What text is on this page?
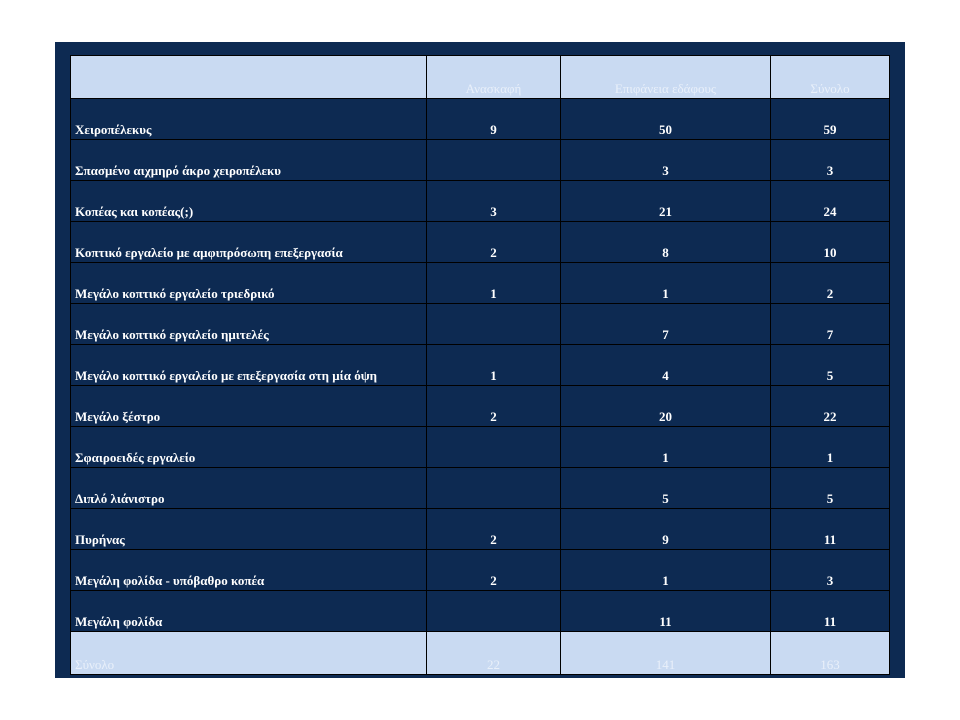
	Ανασκαφή	Επιφάνεια εδάφους	Σύνολο
Χειροπέλεκυς	9	50	59
Σπασμένο αιχμηρό άκρο χειροπέλεκυ		3	3
Κοπέας και κοπέας(;)	3	21	24
Κοπτικό εργαλείο με αμφιπρόσωπη επεξεργασία	2	8	10
Μεγάλο κοπτικό εργαλείο τριεδρικό	1	1	2
Μεγάλο κοπτικό εργαλείο ημιτελές		7	7
Μεγάλο κοπτικό εργαλείο με επεξεργασία στη μία όψη	1	4	5
Μεγάλο ξέστρο	2	20	22
Σφαιροειδές εργαλείο		1	1
Διπλό λιάνιστρο		5	5
Πυρήνας	2	9	11
Μεγάλη φολίδα - υπόβαθρο κοπέα	2	1	3
Μεγάλη φολίδα		11	11
Σύνολο	22	141	163
